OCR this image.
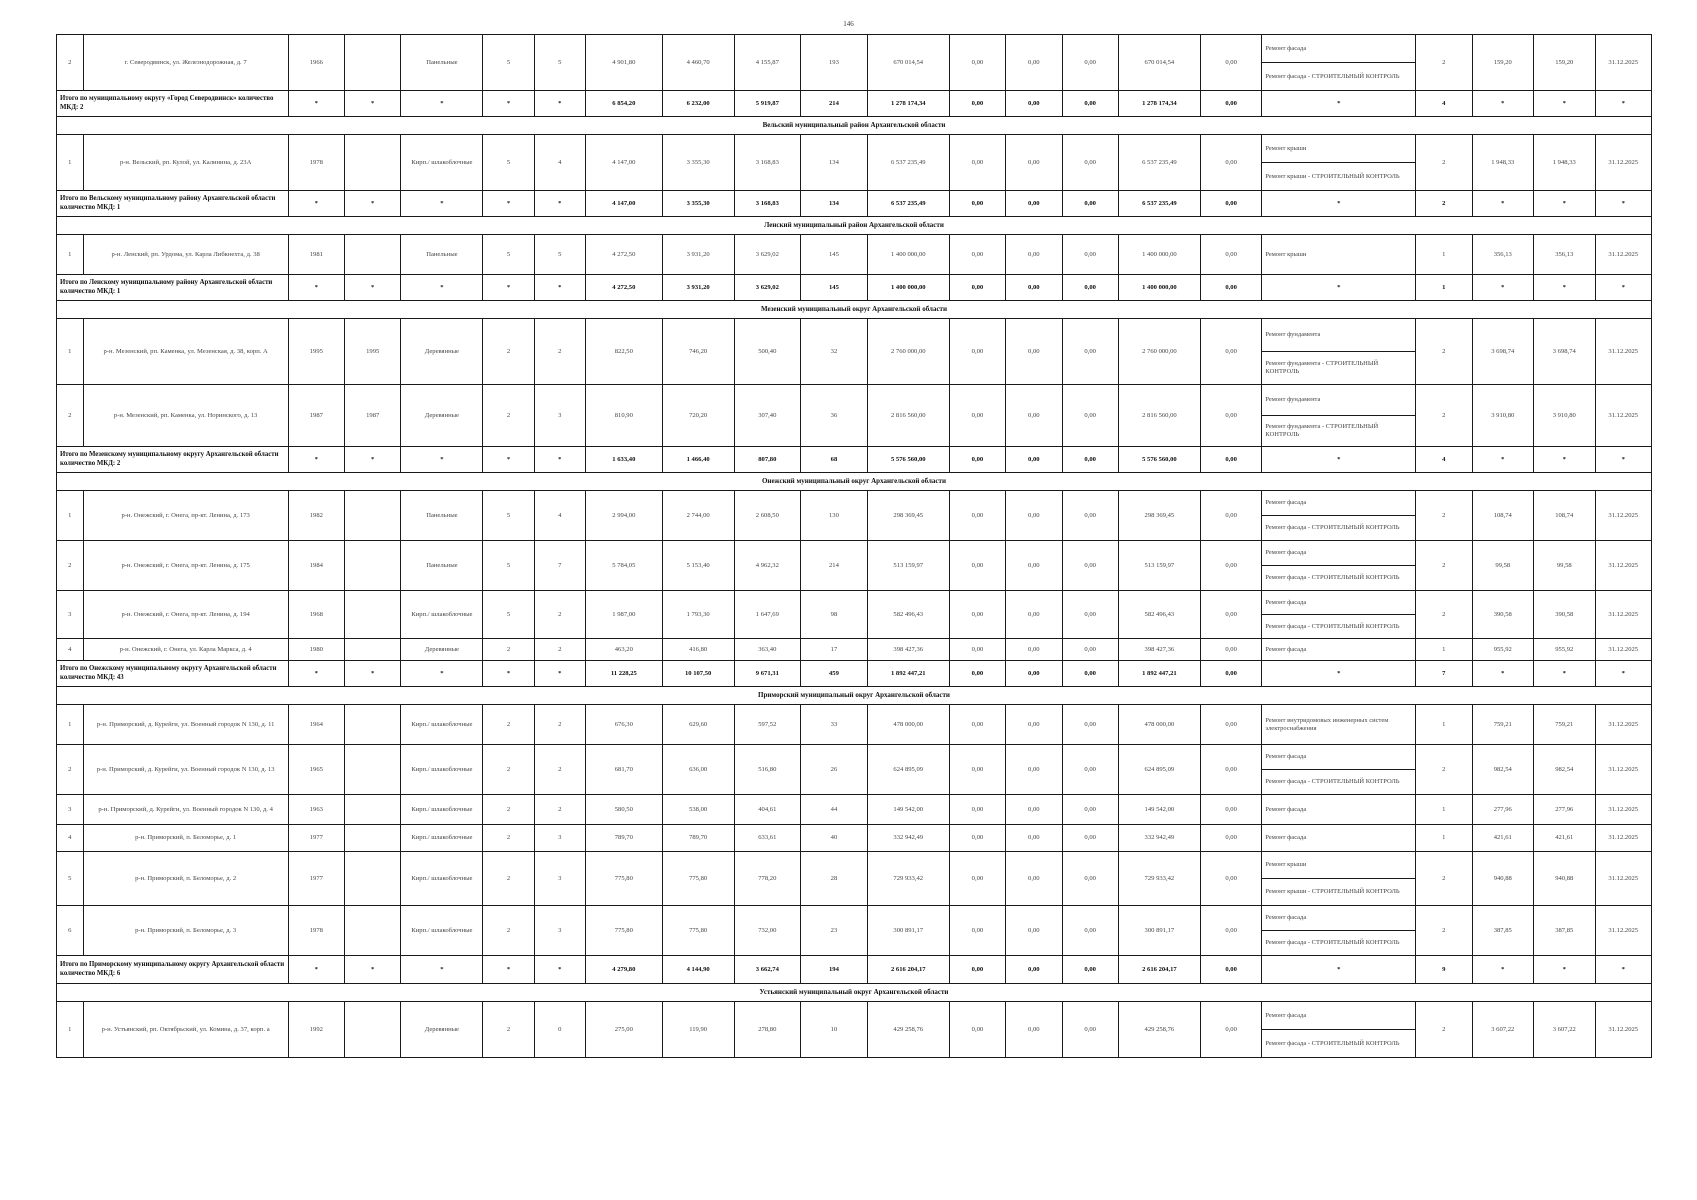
146
2	г. Северодвинск, ул. Железнодорожная, д. 7	1966		Панельные	5	5	4 901,80	4 460,70	4 155,87	193	670 014,54	0,00	0,00	0,00	670 014,54	0,00	Ремонт фасада	2	159,20	159,20	31.12.2025
																	Ремонт фасада - СТРОИТЕЛЬНЫЙ КОНТРОЛЬ				
Итого по муниципальному округу «Город Северодвинск» количество МКД: 2		*	*	*	*	*	6 854,20	6 232,00	5 919,87	214	1 278 174,34	0,00	0,00	0,00	1 278 174,34	0,00	*	4	*	*	*
Вельский муниципальный район Архангельской области																					
1	р-н. Вельский, рп. Кулой, ул. Калинина, д. 23А	1978		Кирп./ шлакоблочные	5	4	4 147,00	3 355,30	3 168,83	134	6 537 235,49	0,00	0,00	0,00	6 537 235,49	0,00	Ремонт крыши	2	1 948,33	1 948,33	31.12.2025
																	Ремонт крыши - СТРОИТЕЛЬНЫЙ КОНТРОЛЬ				
Итого по Вельскому муниципальному району Архангельской области количество МКД: 1		*	*	*	*	*	4 147,00	3 355,30	3 168,83	134	6 537 235,49	0,00	0,00	0,00	6 537 235,49	0,00	*	2	*	*	*
Ленский муниципальный район Архангельской области																					
1	р-н. Ленский, рп. Урдома, ул. Карла Либкнехта, д. 38	1981		Панельные	5	5	4 272,50	3 931,20	3 629,02	145	1 400 000,00	0,00	0,00	0,00	1 400 000,00	0,00	Ремонт крыши	1	356,13	356,13	31.12.2025
Итого по Ленскому муниципальному району Архангельской области количество МКД: 1		*	*	*	*	*	4 272,50	3 931,20	3 629,02	145	1 400 000,00	0,00	0,00	0,00	1 400 000,00	0,00	*	1	*	*	*
Мезенский муниципальный округ Архангельской области																					
1	р-н. Мезенский, рп. Каменка, ул. Мезенская, д. 38, корп. А	1995	1995	Деревянные	2	2	822,50	746,20	500,40	32	2 760 000,00	0,00	0,00	0,00	2 760 000,00	0,00	Ремонт фундамента	2	3 698,74	3 698,74	31.12.2025
																	Ремонт фундамента - СТРОИТЕЛЬНЫЙ КОНТРОЛЬ				
2	р-н. Мезенский, рп. Каменка, ул. Норинского, д. 13	1987	1987	Деревянные	2	3	810,90	720,20	307,40	36	2 816 560,00	0,00	0,00	0,00	2 816 560,00	0,00	Ремонт фундамента	2	3 910,80	3 910,80	31.12.2025
																	Ремонт фундамента - СТРОИТЕЛЬНЫЙ КОНТРОЛЬ				
Итого по Мезенскому муниципальному округу Архангельской области количество МКД: 2		*	*	*	*	*	1 633,40	1 466,40	807,80	68	5 576 560,00	0,00	0,00	0,00	5 576 560,00	0,00	*	4	*	*	*
Онежский муниципальный округ Архангельской области																					
1	р-н. Онежский, г. Онега, пр-кт. Ленина, д. 173	1982		Панельные	5	4	2 994,00	2 744,00	2 608,50	130	298 369,45	0,00	0,00	0,00	298 369,45	0,00	Ремонт фасада	2	108,74	108,74	31.12.2025
																	Ремонт фасада - СТРОИТЕЛЬНЫЙ КОНТРОЛЬ				
2	р-н. Онежский, г. Онега, пр-кт. Ленина, д. 175	1984		Панельные	5	7	5 784,05	5 153,40	4 962,32	214	513 159,97	0,00	0,00	0,00	513 159,97	0,00	Ремонт фасада	2	99,58	99,58	31.12.2025
																	Ремонт фасада - СТРОИТЕЛЬНЫЙ КОНТРОЛЬ				
3	р-н. Онежский, г. Онега, пр-кт. Ленина, д. 194	1968		Кирп./ шлакоблочные	5	2	1 987,00	1 793,30	1 647,69	98	582 496,43	0,00	0,00	0,00	582 496,43	0,00	Ремонт фасада	2	390,58	390,58	31.12.2025
																	Ремонт фасада - СТРОИТЕЛЬНЫЙ КОНТРОЛЬ				
4	р-н. Онежский, г. Онега, ул. Карла Маркса, д. 4	1980		Деревянные	2	2	463,20	416,80	363,40	17	398 427,36	0,00	0,00	0,00	398 427,36	0,00	Ремонт фасада	1	955,92	955,92	31.12.2025
Итого по Онежскому муниципальному округу Архангельской области количество МКД: 43		*	*	*	*	*	11 228,25	10 107,50	9 671,31	459	1 892 447,21	0,00	0,00	0,00	1 892 447,21	0,00	*	7	*	*	*
Приморский муниципальный округ Архангельской области																					
1	р-н. Приморский, д. Курейги, ул. Военный городок N 130, д. 11	1964		Кирп./ шлакоблочные	2	2	676,30	629,60	597,52	33	478 000,00	0,00	0,00	0,00	478 000,00	0,00	Ремонт внутридомовых инженерных систем электроснабжения	1	759,21	759,21	31.12.2025
2	р-н. Приморский, д. Курейги, ул. Военный городок N 130, д. 13	1965		Кирп./ шлакоблочные	2	2	681,70	636,00	516,80	26	624 895,09	0,00	0,00	0,00	624 895,09	0,00	Ремонт фасада	2	982,54	982,54	31.12.2025
																	Ремонт фасада - СТРОИТЕЛЬНЫЙ КОНТРОЛЬ				
3	р-н. Приморский, д. Курейги, ул. Военный городок N 130, д. 4	1963		Кирп./ шлакоблочные	2	2	580,50	538,00	404,61	44	149 542,00	0,00	0,00	0,00	149 542,00	0,00	Ремонт фасада	1	277,96	277,96	31.12.2025
4	р-н. Приморский, п. Беломорье, д. 1	1977		Кирп./ шлакоблочные	2	3	789,70	789,70	633,61	40	332 942,49	0,00	0,00	0,00	332 942,49	0,00	Ремонт фасада	1	421,61	421,61	31.12.2025
5	р-н. Приморский, п. Беломорье, д. 2	1977		Кирп./ шлакоблочные	2	3	775,80	775,80	778,20	28	729 933,42	0,00	0,00	0,00	729 933,42	0,00	Ремонт крыши	2	940,88	940,88	31.12.2025
																	Ремонт крыши - СТРОИТЕЛЬНЫЙ КОНТРОЛЬ				
6	р-н. Приморский, п. Беломорье, д. 3	1978		Кирп./ шлакоблочные	2	3	775,80	775,80	732,00	23	300 891,17	0,00	0,00	0,00	300 891,17	0,00	Ремонт фасада	2	387,85	387,85	31.12.2025
																	Ремонт фасада - СТРОИТЕЛЬНЫЙ КОНТРОЛЬ				
Итого по Приморскому муниципальному округу Архангельской области количество МКД: 6		*	*	*	*	*	4 279,80	4 144,90	3 662,74	194	2 616 204,17	0,00	0,00	0,00	2 616 204,17	0,00	*	9	*	*	*
Устьянский муниципальный округ Архангельской области																					
1	р-н. Устьянский, рп. Октябрьский, ул. Комина, д. 37, корп. а	1992		Деревянные	2	0	275,00	119,90	278,80	10	429 258,76	0,00	0,00	0,00	429 258,76	0,00	Ремонт фасада	2	3 607,22	3 607,22	31.12.2025
																	Ремонт фасада - СТРОИТЕЛЬНЫЙ КОНТРОЛЬ				
